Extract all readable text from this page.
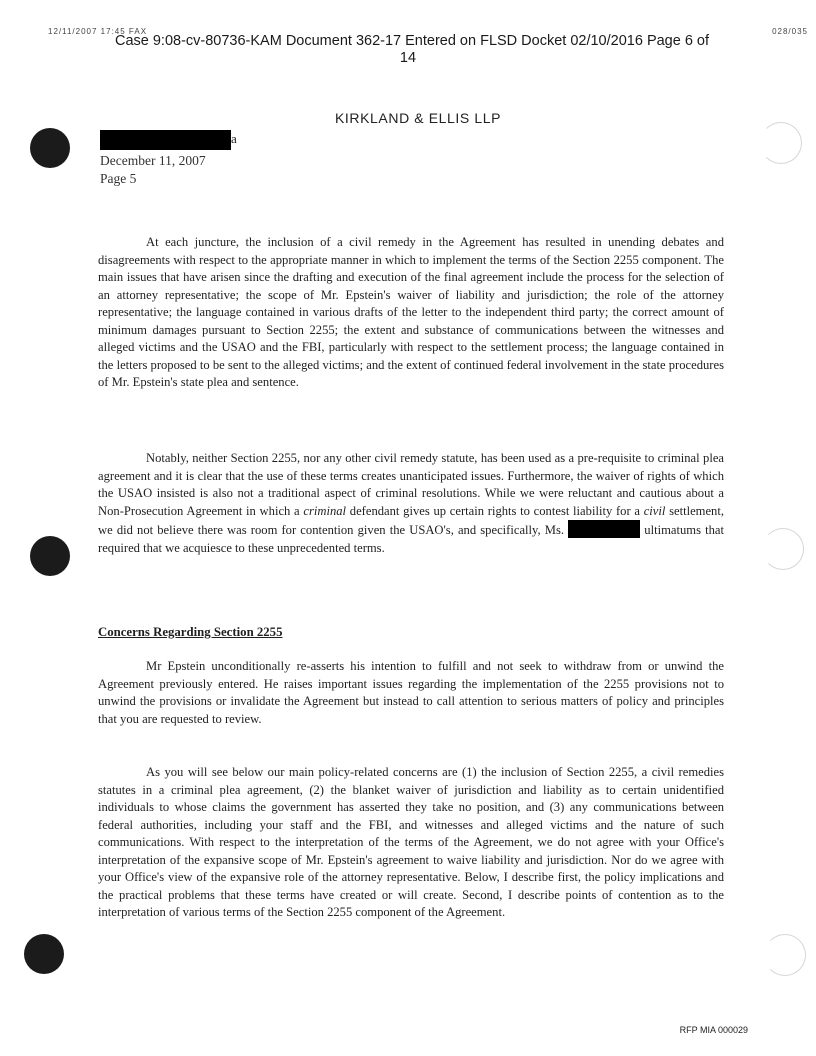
12/11/2007 17:45 FAX	028/035
Case 9:08-cv-80736-KAM Document 362-17 Entered on FLSD Docket 02/10/2016 Page 6 of
14
KIRKLAND & ELLIS LLP
a
December 11, 2007
Page 5

At each juncture, the inclusion of a civil remedy in the Agreement has resulted in unending debates and disagreements with respect to the appropriate manner in which to implement the terms of the Section 2255 component. The main issues that have arisen since the drafting and execution of the final agreement include the process for the selection of an attorney representative; the scope of Mr. Epstein's waiver of liability and jurisdiction; the role of the attorney representative; the language contained in various drafts of the letter to the independent third party; the correct amount of minimum damages pursuant to Section 2255; the extent and substance of communications between the witnesses and alleged victims and the USAO and the FBI, particularly with respect to the settlement process; the language contained in the letters proposed to be sent to the alleged victims; and the extent of continued federal involvement in the state procedures of Mr. Epstein's state plea and sentence.

Notably, neither Section 2255, nor any other civil remedy statute, has been used as a pre-requisite to criminal plea agreement and it is clear that the use of these terms creates unanticipated issues. Furthermore, the waiver of rights of which the USAO insisted is also not a traditional aspect of criminal resolutions. While we were reluctant and cautious about a Non-Prosecution Agreement in which a criminal defendant gives up certain rights to contest liability for a civil settlement, we did not believe there was room for contention given the USAO's, and specifically, Ms.	ultimatums that required that we acquiesce to these unprecedented terms.

Concerns Regarding Section 2255

Mr Epstein unconditionally re-asserts his intention to fulfill and not seek to withdraw from or unwind the Agreement previously entered. He raises important issues regarding the implementation of the 2255 provisions not to unwind the provisions or invalidate the Agreement but instead to call attention to serious matters of policy and principles that you are requested to review.

As you will see below our main policy-related concerns are (1) the inclusion of Section 2255, a civil remedies statutes in a criminal plea agreement, (2) the blanket waiver of jurisdiction and liability as to certain unidentified individuals to whose claims the government has asserted they take no position, and (3) any communications between federal authorities, including your staff and the FBI, and witnesses and alleged victims and the nature of such communications. With respect to the interpretation of the terms of the Agreement, we do not agree with your Office's interpretation of the expansive scope of Mr. Epstein's agreement to waive liability and jurisdiction. Nor do we agree with your Office's view of the expansive role of the attorney representative. Below, I describe first, the policy implications and the practical problems that these terms have created or will create. Second, I describe points of contention as to the interpretation of various terms of the Section 2255 component of the Agreement.

RFP MIA 000029
